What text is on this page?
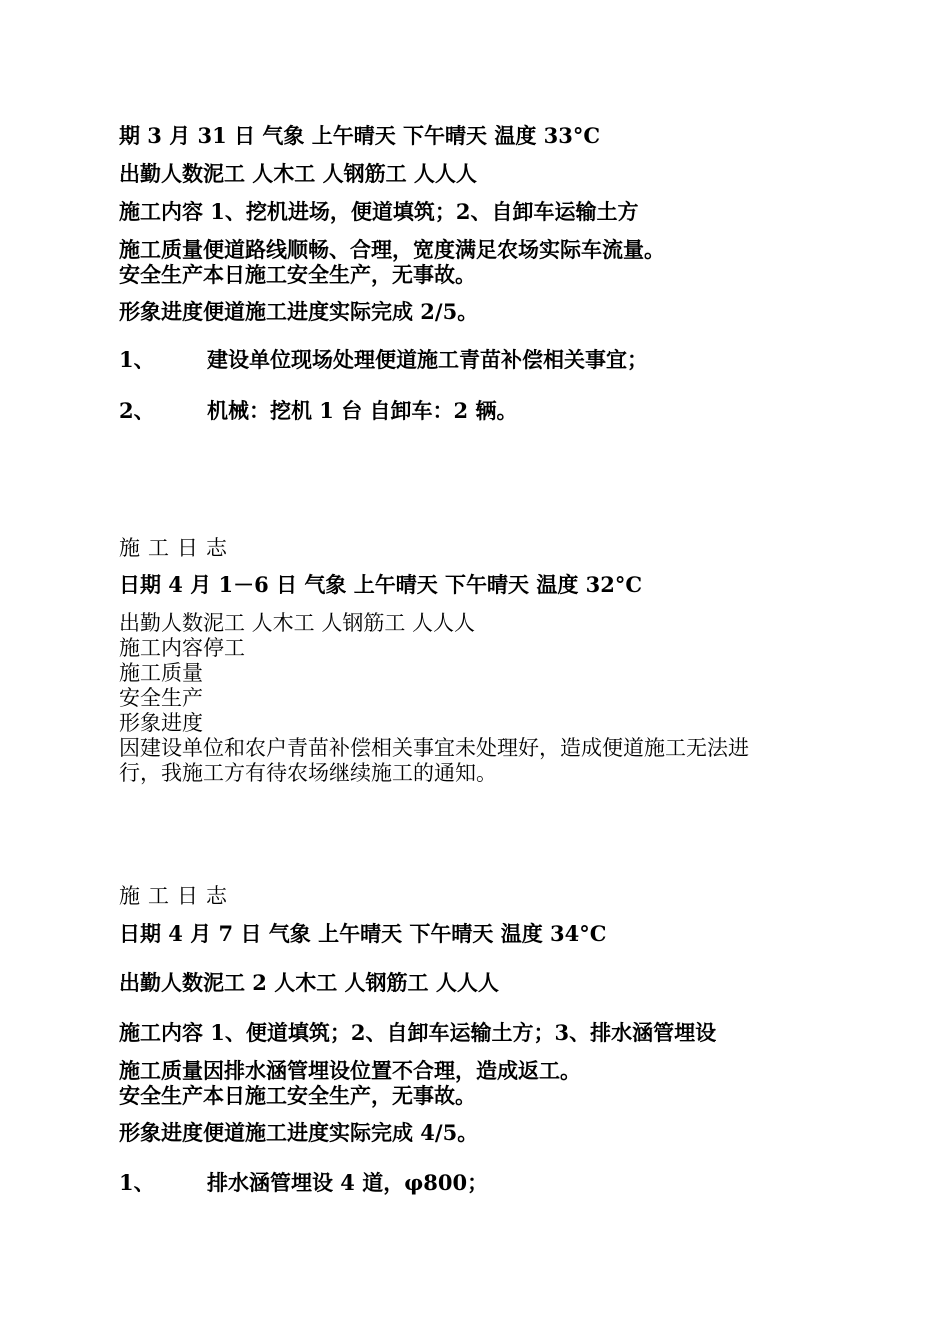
期 3 月 31 日 气象 上午晴天 下午晴天 温度 33°C
出勤人数泥工 人木工 人钢筋工 人人人
施工内容 1、挖机进场，便道填筑；2、自卸车运输土方
施工质量便道路线顺畅、合理，宽度满足农场实际车流量。
安全生产本日施工安全生产，无事故。
形象进度便道施工进度实际完成 2/5。
1、 建设单位现场处理便道施工青苗补偿相关事宜；
2、 机械：挖机 1 台 自卸车：2 辆。
施工日志
日期 4 月 1－6 日 气象 上午晴天 下午晴天 温度 32°C
出勤人数泥工 人木工 人钢筋工 人人人
施工内容停工
施工质量
安全生产
形象进度
因建设单位和农户青苗补偿相关事宜未处理好，造成便道施工无法进
行，我施工方有待农场继续施工的通知。
施工日志
日期 4 月 7 日 气象 上午晴天 下午晴天 温度 34°C
出勤人数泥工 2 人木工 人钢筋工 人人人
施工内容 1、便道填筑；2、自卸车运输土方；3、排水涵管埋设
施工质量因排水涵管埋设位置不合理，造成返工。
安全生产本日施工安全生产，无事故。
形象进度便道施工进度实际完成 4/5。
1、 排水涵管埋设 4 道，φ800；
